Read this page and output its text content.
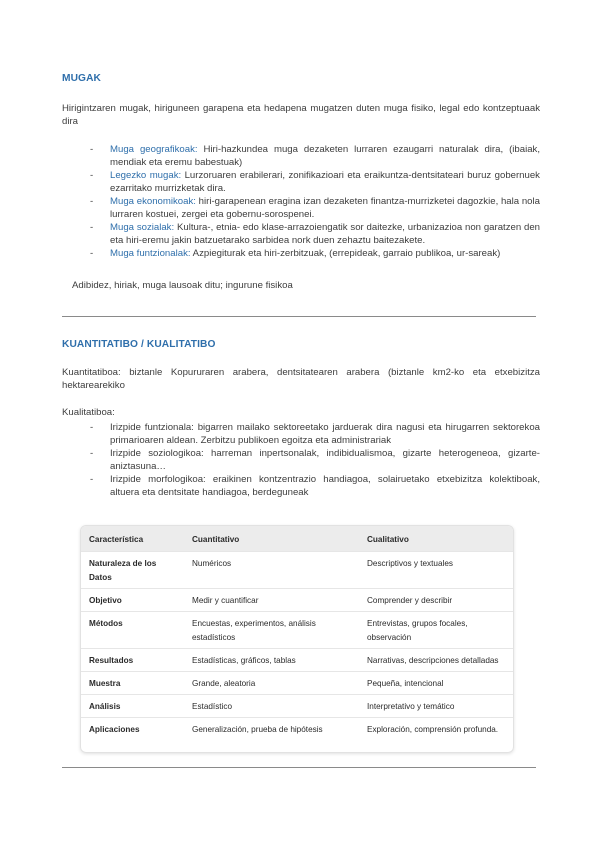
MUGAK
Hirigintzaren mugak, hiriguneen garapena eta hedapena mugatzen duten muga fisiko, legal edo kontzeptuaak dira
- Muga geografikoak: Hiri-hazkundea muga dezaketen lurraren ezaugarri naturalak dira, (ibaiak, mendiak eta eremu babestuak)
- Legezko mugak: Lurzoruaren erabilerari, zonifikazioari eta eraikuntza-dentsitateari buruz gobernuek ezarritako murrizketak dira.
- Muga ekonomikoak: hiri-garapenean eragina izan dezaketen finantza-murrizketei dagozkie, hala nola lurraren kostuei, zergei eta gobernu-sorospenei.
- Muga sozialak: Kultura-, etnia- edo klase-arrazoiengatik sor daitezke, urbanizazioa non garatzen den eta hiri-eremu jakin batzuetarako sarbidea nork duen zehaztu baitezakete.
- Muga funtzionalak: Azpiegiturak eta hiri-zerbitzuak, (errepideak, garraio publikoa, ur-sareak)
Adibidez, hiriak, muga lausoak ditu; ingurune fisikoa
KUANTITATIBO / KUALITATIBO
Kuantitatiboa: biztanle Kopururaren arabera, dentsitatearen arabera (biztanle km2-ko eta etxebizitza hektarearekiko
Kualitatiboa:
- Irizpide funtzionala: bigarren mailako sektoreetako jarduerak dira nagusi eta hirugarren sektorekoa primarioaren aldean. Zerbitzu publikoen egoitza eta administrariak
- Irizpide soziologikoa: harreman inpertsonalak, indibidualismoa, gizarte heterogeneoa, gizarte-aniztasuna…
- Irizpide morfologikoa: eraikinen kontzentrazio handiagoa, solairuetako etxebizitza kolektiboak, altuera eta dentsitate handiagoa, berdeguneak
Característica	Cuantitativo	Cualitativo
Naturaleza de los Datos	Numéricos	Descriptivos y textuales
Objetivo	Medir y cuantificar	Comprender y describir
Métodos	Encuestas, experimentos, análisis estadísticos	Entrevistas, grupos focales, observación
Resultados	Estadísticas, gráficos, tablas	Narrativas, descripciones detalladas
Muestra	Grande, aleatoria	Pequeña, intencional
Análisis	Estadístico	Interpretativo y temático
Aplicaciones	Generalización, prueba de hipótesis	Exploración, comprensión profunda.
